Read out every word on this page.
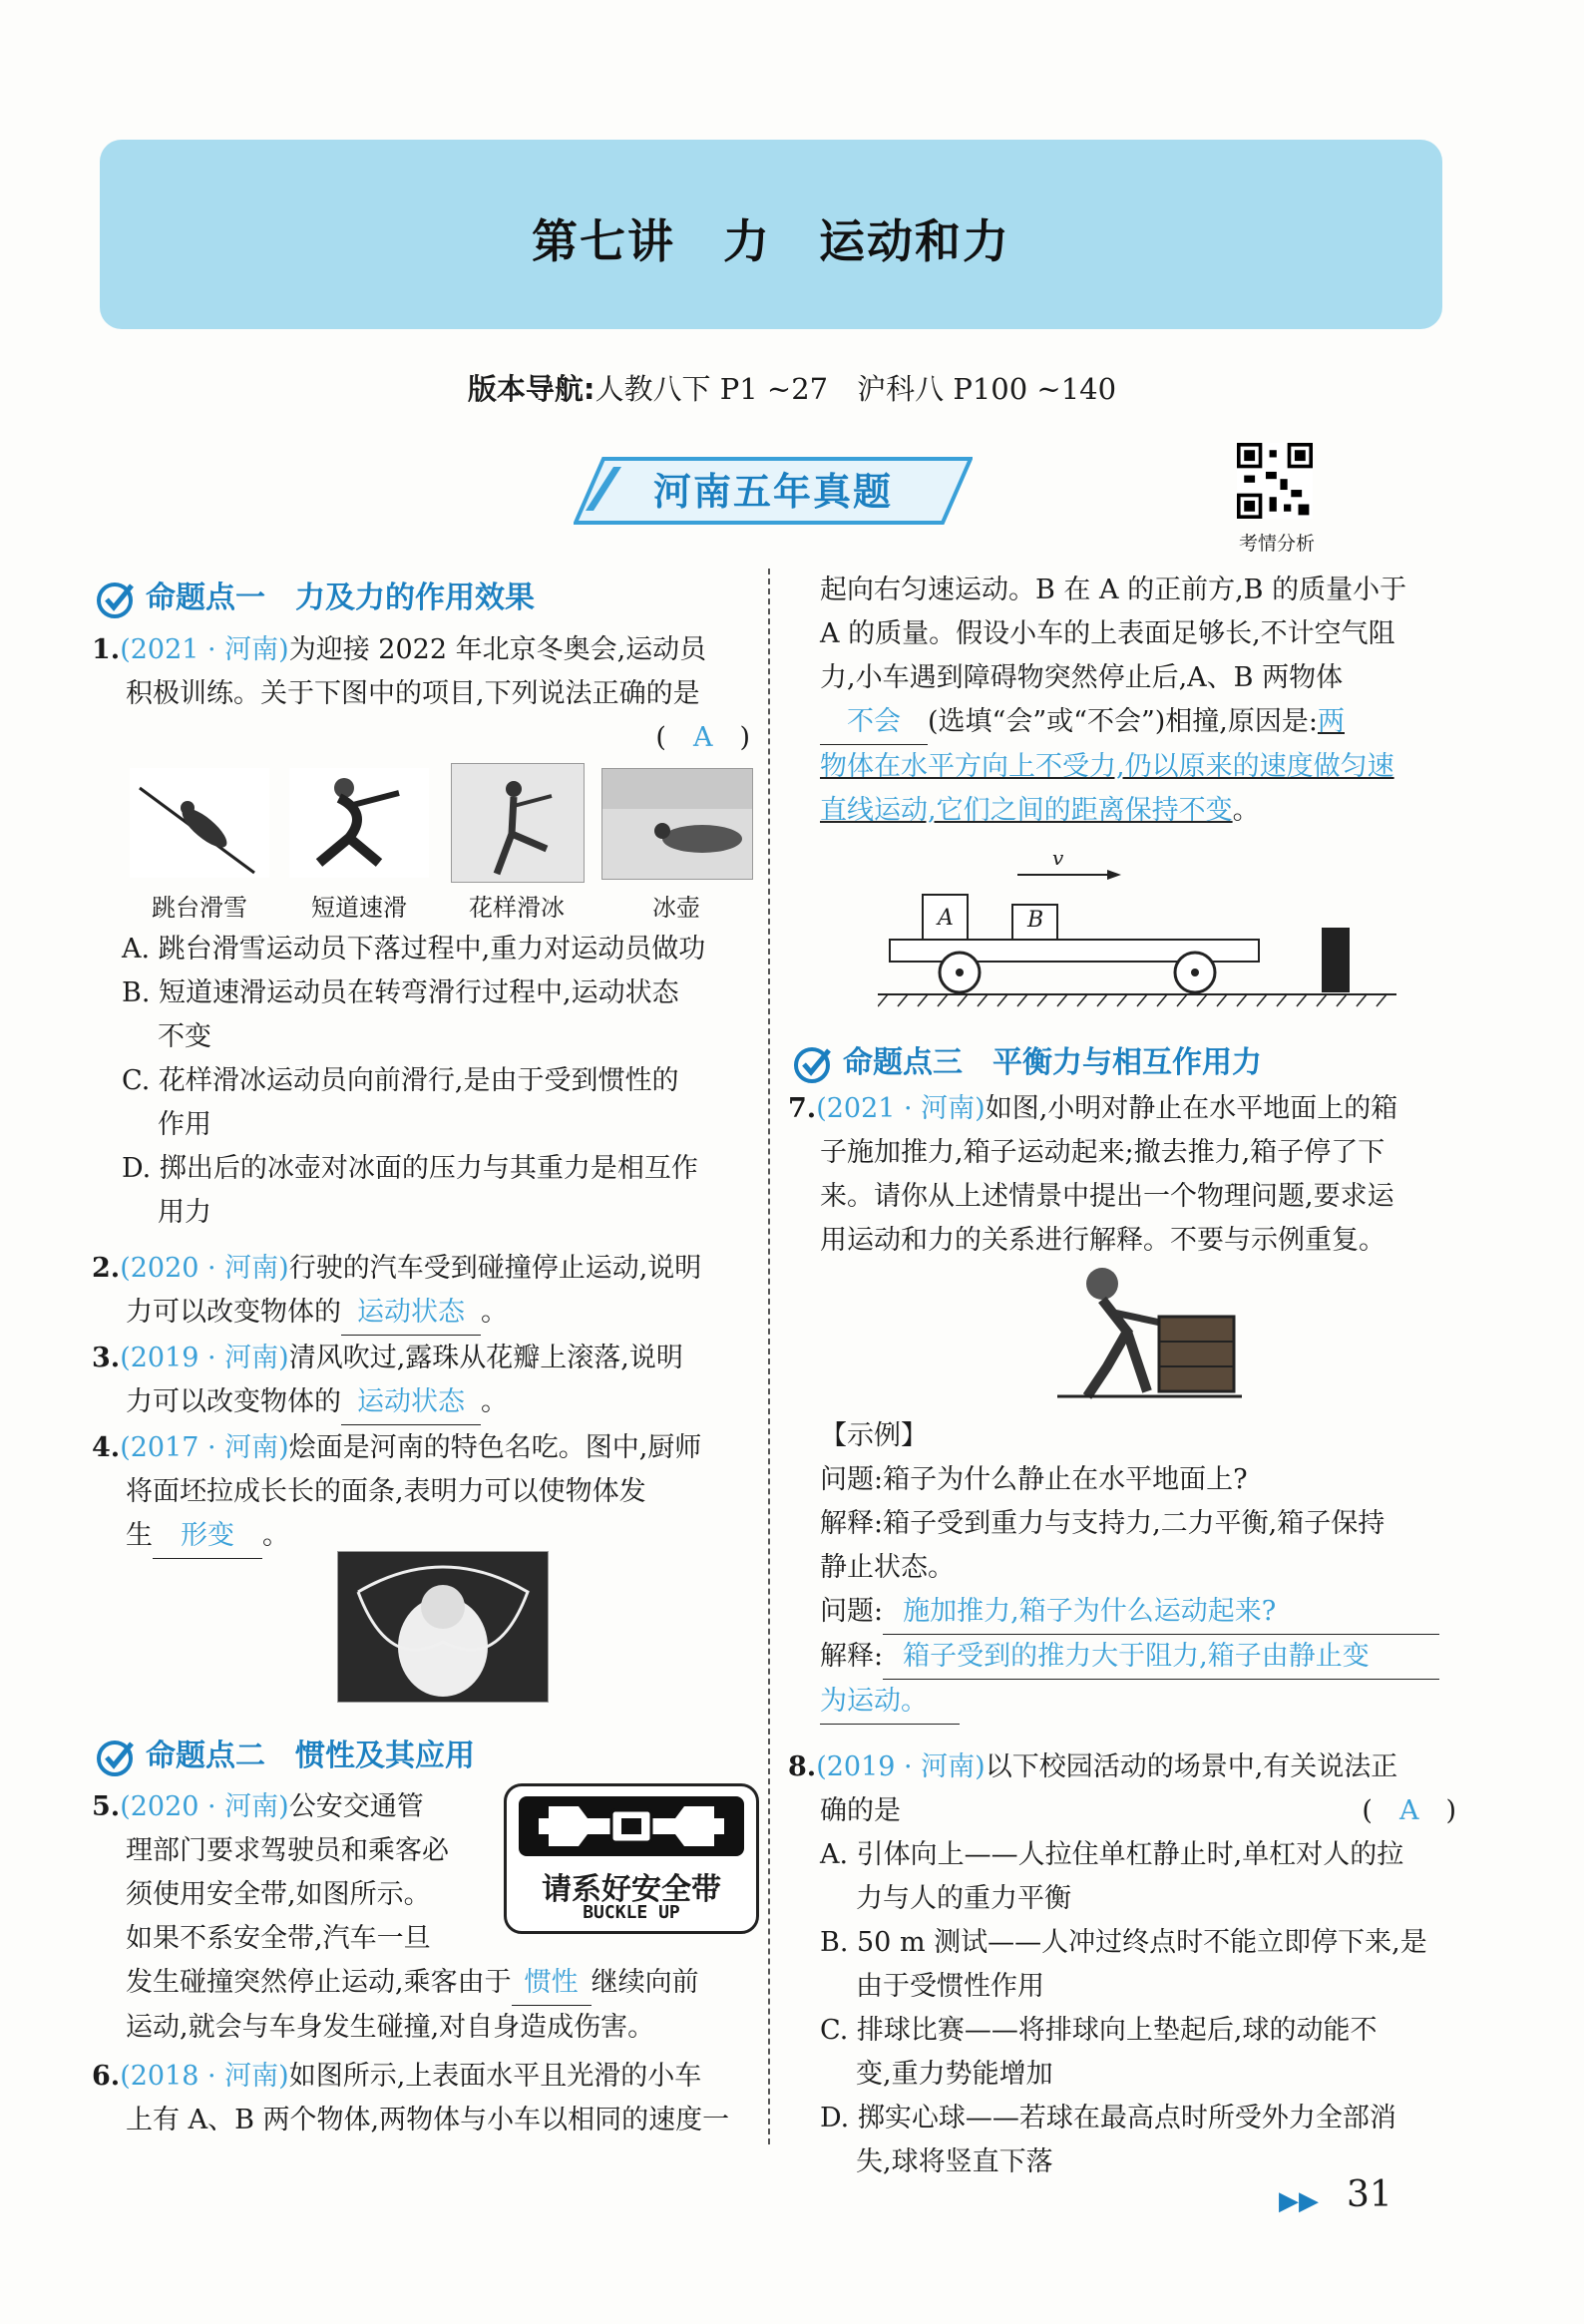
第七讲　力　运动和力
版本导航:人教八下 P1 ~27　沪科八 P100 ~140
河南五年真题
考情分析
命题点一　力及力的作用效果
1.(2021 · 河南)为迎接 2022 年北京冬奥会,运动员
积极训练。关于下图中的项目,下列说法正确的是
(　A　)
跳台滑雪	短道速滑	花样滑冰	冰壶
A. 跳台滑雪运动员下落过程中,重力对运动员做功
B. 短道速滑运动员在转弯滑行过程中,运动状态
不变
C. 花样滑冰运动员向前滑行,是由于受到惯性的
作用
D. 掷出后的冰壶对冰面的压力与其重力是相互作
用力
2.(2020 · 河南)行驶的汽车受到碰撞停止运动,说明
力可以改变物体的 运动状态 。
3.(2019 · 河南)清风吹过,露珠从花瓣上滚落,说明
力可以改变物体的 运动状态 。
4.(2017 · 河南)烩面是河南的特色名吃。图中,厨师
将面坯拉成长长的面条,表明力可以使物体发
生 形变 。
命题点二　惯性及其应用
5.(2020 · 河南)公安交通管
理部门要求驾驶员和乘客必
须使用安全带,如图所示。
如果不系安全带,汽车一旦
发生碰撞突然停止运动,乘客由于 惯性 继续向前
运动,就会与车身发生碰撞,对自身造成伤害。
请系好安全带
BUCKLE UP
6.(2018 · 河南)如图所示,上表面水平且光滑的小车
上有 A、B 两个物体,两物体与小车以相同的速度一
起向右匀速运动。B 在 A 的正前方,B 的质量小于
A 的质量。假设小车的上表面足够长,不计空气阻
力,小车遇到障碍物突然停止后,A、B 两物体
不会 (选填“会”或“不会”)相撞,原因是:两
物体在水平方向上不受力,仍以原来的速度做匀速
直线运动,它们之间的距离保持不变。
v
A	B
命题点三　平衡力与相互作用力
7.(2021 · 河南)如图,小明对静止在水平地面上的箱
子施加推力,箱子运动起来;撤去推力,箱子停了下
来。请你从上述情景中提出一个物理问题,要求运
用运动和力的关系进行解释。不要与示例重复。
【示例】
问题:箱子为什么静止在水平地面上?
解释:箱子受到重力与支持力,二力平衡,箱子保持
静止状态。
问题: 施加推力,箱子为什么运动起来?
解释: 箱子受到的推力大于阻力,箱子由静止变
为运动。
8.(2019 · 河南)以下校园活动的场景中,有关说法正
确的是	(　A　)
A. 引体向上——人拉住单杠静止时,单杠对人的拉
力与人的重力平衡
B. 50 m 测试——人冲过终点时不能立即停下来,是
由于受惯性作用
C. 排球比赛——将排球向上垫起后,球的动能不
变,重力势能增加
D. 掷实心球——若球在最高点时所受外力全部消
失,球将竖直下落
▶▶ 31
